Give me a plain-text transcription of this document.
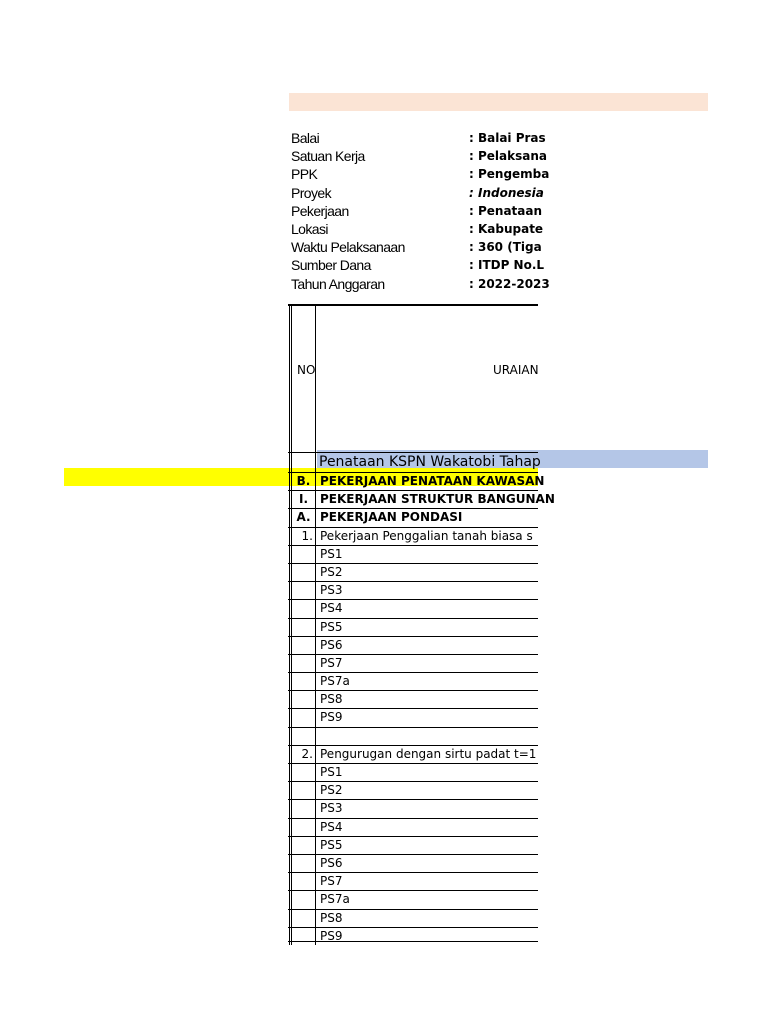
Balai	: Balai Pras
Satuan Kerja	: Pelaksana
PPK	: Pengemba
Proyek	: Indonesia
Pekerjaan	: Penataan
Lokasi	: Kabupate
Waktu Pelaksanaan	: 360 (Tiga
Sumber Dana	: ITDP No.L
Tahun Anggaran	: 2022-2023
NO	URAIAN
Penataan KSPN Wakatobi Tahap
B. PEKERJAAN PENATAAN KAWASAN
I. PEKERJAAN STRUKTUR BANGUNAN
A. PEKERJAAN PONDASI
1. Pekerjaan Penggalian tanah biasa s
PS1
PS2
PS3
PS4
PS5
PS6
PS7
PS7a
PS8
PS9
2. Pengurugan dengan sirtu padat t=1
PS1
PS2
PS3
PS4
PS5
PS6
PS7
PS7a
PS8
PS9
